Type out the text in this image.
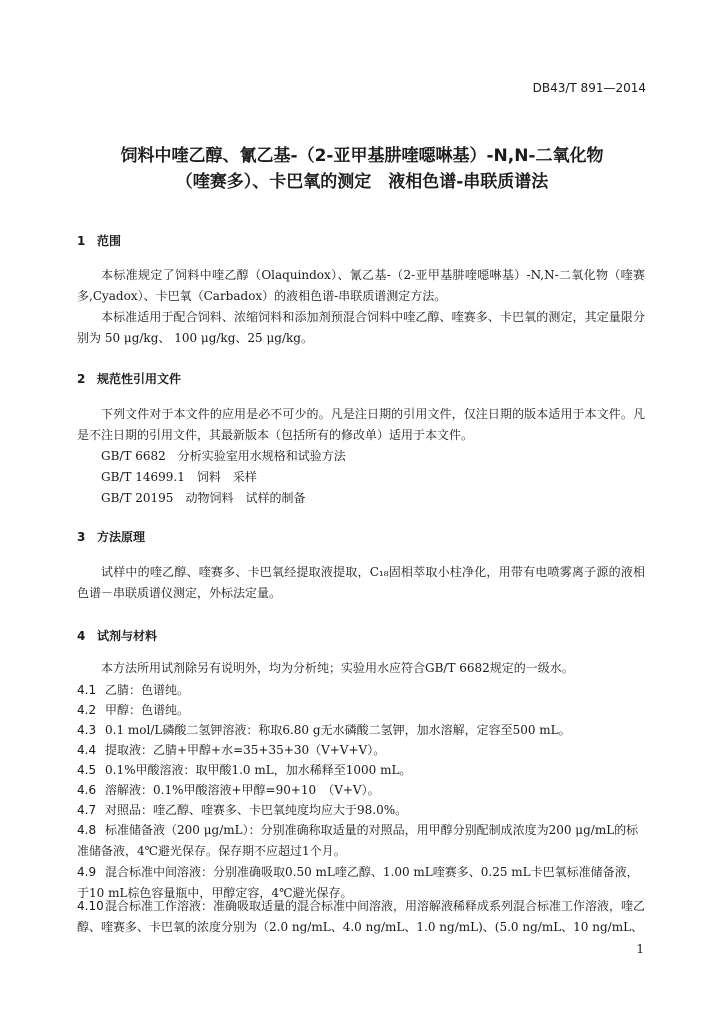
DB43/T 891—2014
饲料中喹乙醇、氰乙基-（2-亚甲基肼喹噁啉基）-N,N-二氧化物
（喹赛多）、卡巴氧的测定　液相色谱-串联质谱法
1 范围
本标准规定了饲料中喹乙醇（Olaquindox）、氰乙基-（2-亚甲基肼喹噁啉基）-N,N-二氧化物（喹赛多,Cyadox）、卡巴氧（Carbadox）的液相色谱-串联质谱测定方法。
本标准适用于配合饲料、浓缩饲料和添加剂预混合饲料中喹乙醇、喹赛多、卡巴氧的测定，其定量限分别为 50 μg/kg、 100 μg/kg、25 μg/kg。
2 规范性引用文件
下列文件对于本文件的应用是必不可少的。凡是注日期的引用文件，仅注日期的版本适用于本文件。凡是不注日期的引用文件，其最新版本（包括所有的修改单）适用于本文件。
GB/T 6682　分析实验室用水规格和试验方法
GB/T 14699.1　饲料　采样
GB/T 20195　动物饲料　试样的制备
3 方法原理
试样中的喹乙醇、喹赛多、卡巴氧经提取液提取，C₁₈固相萃取小柱净化，用带有电喷雾离子源的液相色谱－串联质谱仪测定，外标法定量。
4 试剂与材料
本方法所用试剂除另有说明外，均为分析纯；实验用水应符合GB/T 6682规定的一级水。
4.1 乙腈：色谱纯。
4.2 甲醇：色谱纯。
4.3 0.1 mol/L磷酸二氢钾溶液：称取6.80 g无水磷酸二氢钾，加水溶解，定容至500 mL。
4.4 提取液：乙腈+甲醇+水=35+35+30（V+V+V）。
4.5 0.1%甲酸溶液：取甲酸1.0 mL，加水稀释至1000 mL。
4.6 溶解液：0.1%甲酸溶液+甲醇=90+10　（V+V）。
4.7 对照品：喹乙醇、喹赛多、卡巴氧纯度均应大于98.0%。
4.8 标准储备液（200 μg/mL）：分别准确称取适量的对照品，用甲醇分别配制成浓度为200 μg/mL的标准储备液，4℃避光保存。保存期不应超过1个月。
4.9 混合标准中间溶液：分别准确吸取0.50 mL喹乙醇、1.00 mL喹赛多、0.25 mL卡巴氧标准储备液，于10 mL棕色容量瓶中，甲醇定容，4℃避光保存。
4.10混合标准工作溶液：准确吸取适量的混合标准中间溶液，用溶解液稀释成系列混合标准工作溶液，喹乙醇、喹赛多、卡巴氧的浓度分别为（2.0 ng/mL、4.0 ng/mL、1.0 ng/mL)、(5.0 ng/mL、10 ng/mL、
1
